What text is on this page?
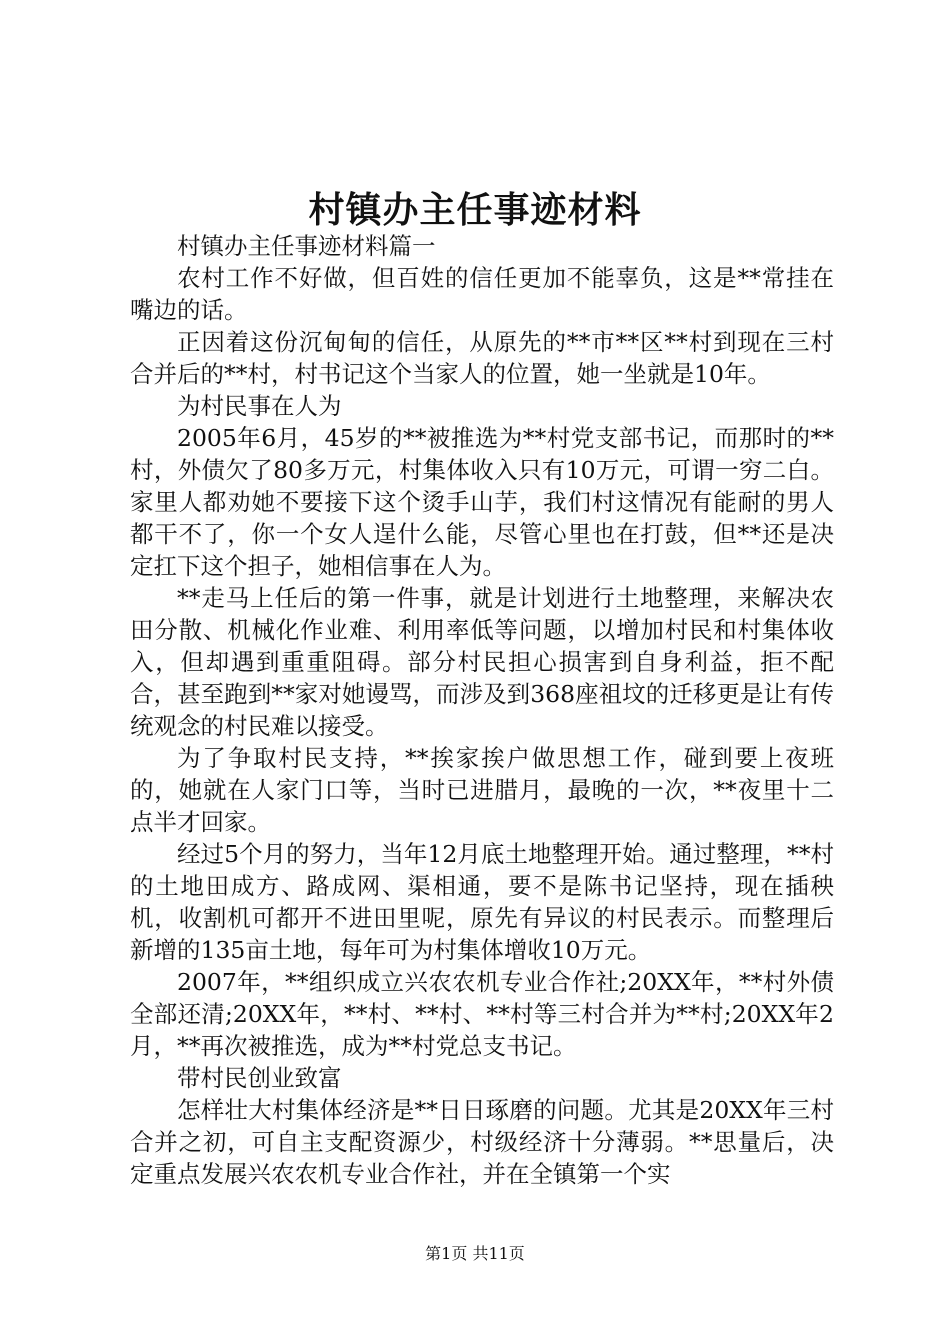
村镇办主任事迹材料

村镇办主任事迹材料篇一

农村工作不好做，但百姓的信任更加不能辜负，这是**常挂在嘴边的话。

正因着这份沉甸甸的信任，从原先的**市**区**村到现在三村合并后的**村，村书记这个当家人的位置，她一坐就是10年。

为村民事在人为

2005年6月，45岁的**被推选为**村党支部书记，而那时的**村，外债欠了80多万元，村集体收入只有10万元，可谓一穷二白。家里人都劝她不要接下这个烫手山芋，我们村这情况有能耐的男人都干不了，你一个女人逞什么能，尽管心里也在打鼓，但**还是决定扛下这个担子，她相信事在人为。

**走马上任后的第一件事，就是计划进行土地整理，来解决农田分散、机械化作业难、利用率低等问题，以增加村民和村集体收入，但却遇到重重阻碍。部分村民担心损害到自身利益，拒不配合，甚至跑到**家对她谩骂，而涉及到368座祖坟的迁移更是让有传统观念的村民难以接受。

为了争取村民支持，**挨家挨户做思想工作，碰到要上夜班的，她就在人家门口等，当时已进腊月，最晚的一次，**夜里十二点半才回家。

经过5个月的努力，当年12月底土地整理开始。通过整理，**村的土地田成方、路成网、渠相通，要不是陈书记坚持，现在插秧机，收割机可都开不进田里呢，原先有异议的村民表示。而整理后新增的135亩土地，每年可为村集体增收10万元。

2007年，**组织成立兴农农机专业合作社;20XX年，**村外债全部还清;20XX年，**村、**村、**村等三村合并为**村;20XX年2月，**再次被推选，成为**村党总支书记。

带村民创业致富

怎样壮大村集体经济是**日日琢磨的问题。尤其是20XX年三村合并之初，可自主支配资源少，村级经济十分薄弱。**思量后，决定重点发展兴农农机专业合作社，并在全镇第一个实

第1页 共11页
